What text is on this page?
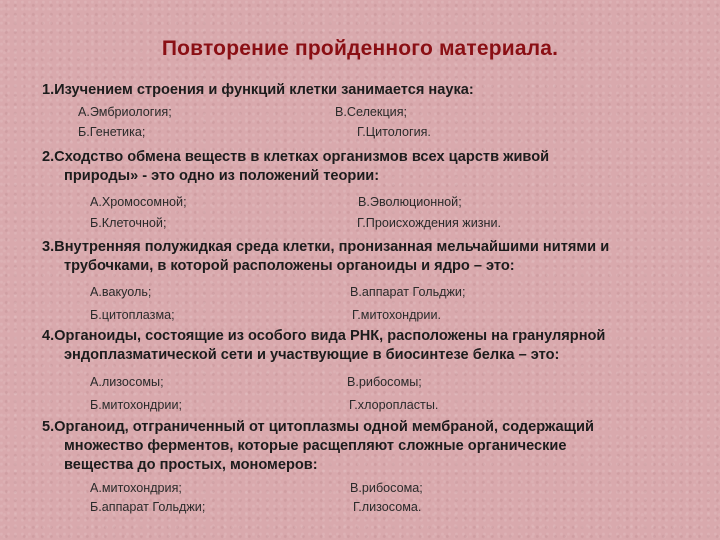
Повторение пройденного материала.
1.Изучением строения и функций клетки занимается наука:
А.Эмбриология;
Б.Генетика;
В.Селекция;
Г.Цитология.
2.Сходство обмена веществ в клетках организмов всех царств живой
природы» - это одно из положений теории:
А.Хромосомной;
Б.Клеточной;
В.Эволюционной;
Г.Происхождения жизни.
3.Внутренняя полужидкая среда клетки, пронизанная мельчайшими нитями и
трубочками, в которой расположены органоиды и ядро – это:
А.вакуоль;
Б.цитоплазма;
В.аппарат Гольджи;
Г.митохондрии.
4.Органоиды, состоящие из особого вида РНК, расположены на гранулярной
эндоплазматической сети и участвующие в биосинтезе белка – это:
А.лизосомы;
Б.митохондрии;
В.рибосомы;
Г.хлоропласты.
5.Органоид, отграниченный от цитоплазмы одной мембраной, содержащий
множество ферментов, которые расщепляют сложные органические
вещества до простых, мономеров:
А.митохондрия;
Б.аппарат Гольджи;
В.рибосома;
Г.лизосома.
